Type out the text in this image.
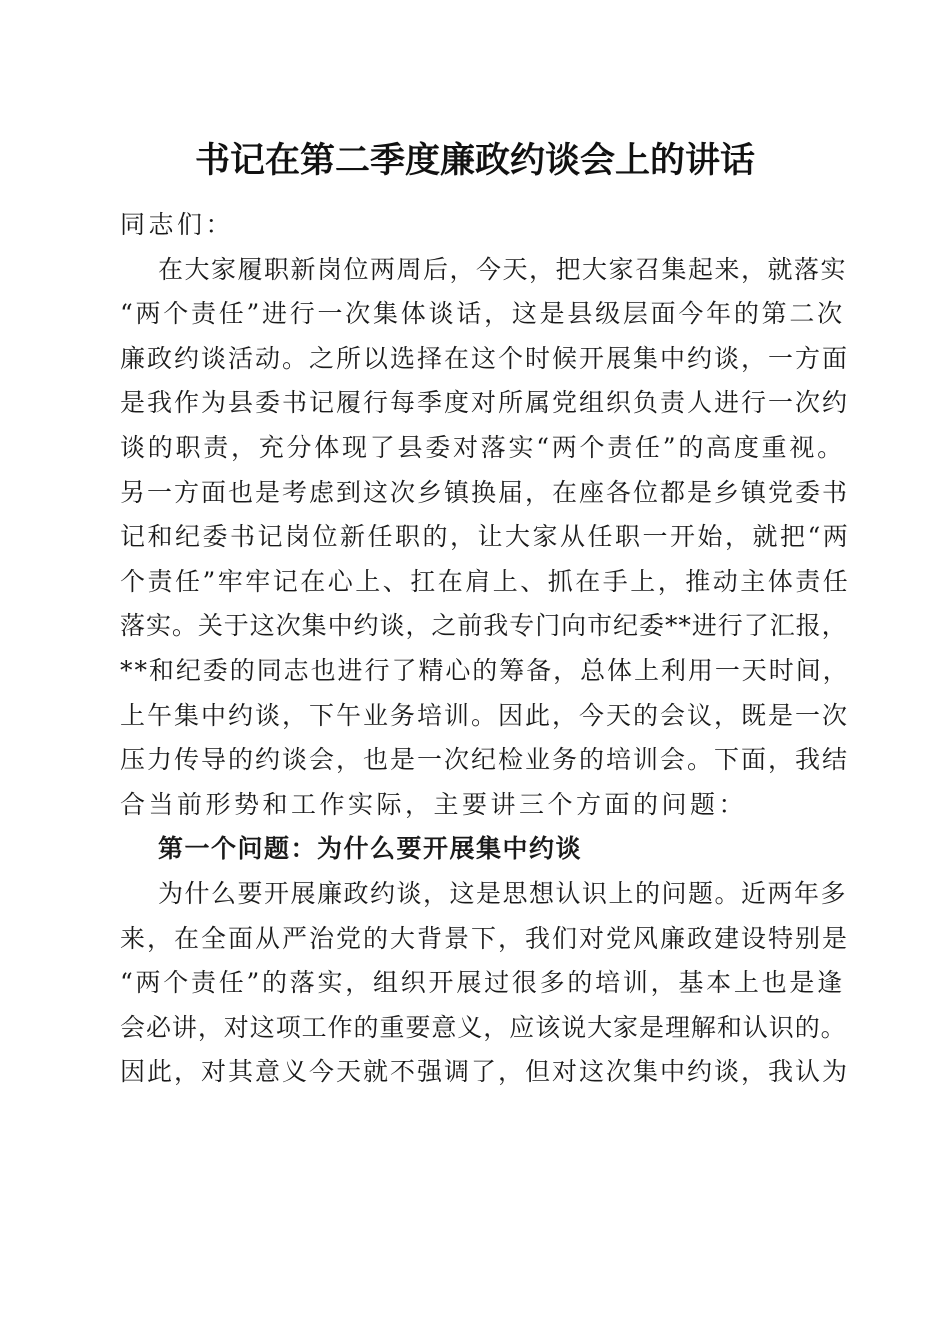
书记在第二季度廉政约谈会上的讲话
同志们：
在大家履职新岗位两周后，今天，把大家召集起来，就落实
“两个责任”进行一次集体谈话，这是县级层面今年的第二次
廉政约谈活动。之所以选择在这个时候开展集中约谈，一方面
是我作为县委书记履行每季度对所属党组织负责人进行一次约
谈的职责，充分体现了县委对落实“两个责任”的高度重视。
另一方面也是考虑到这次乡镇换届，在座各位都是乡镇党委书
记和纪委书记岗位新任职的，让大家从任职一开始，就把“两
个责任”牢牢记在心上、扛在肩上、抓在手上，推动主体责任
落实。关于这次集中约谈，之前我专门向市纪委**进行了汇报，
**和纪委的同志也进行了精心的筹备，总体上利用一天时间，
上午集中约谈，下午业务培训。因此，今天的会议，既是一次
压力传导的约谈会，也是一次纪检业务的培训会。下面，我结
合当前形势和工作实际，主要讲三个方面的问题：
第一个问题：为什么要开展集中约谈
为什么要开展廉政约谈，这是思想认识上的问题。近两年多
来，在全面从严治党的大背景下，我们对党风廉政建设特别是
“两个责任”的落实，组织开展过很多的培训，基本上也是逢
会必讲，对这项工作的重要意义，应该说大家是理解和认识的。
因此，对其意义今天就不强调了，但对这次集中约谈，我认为
